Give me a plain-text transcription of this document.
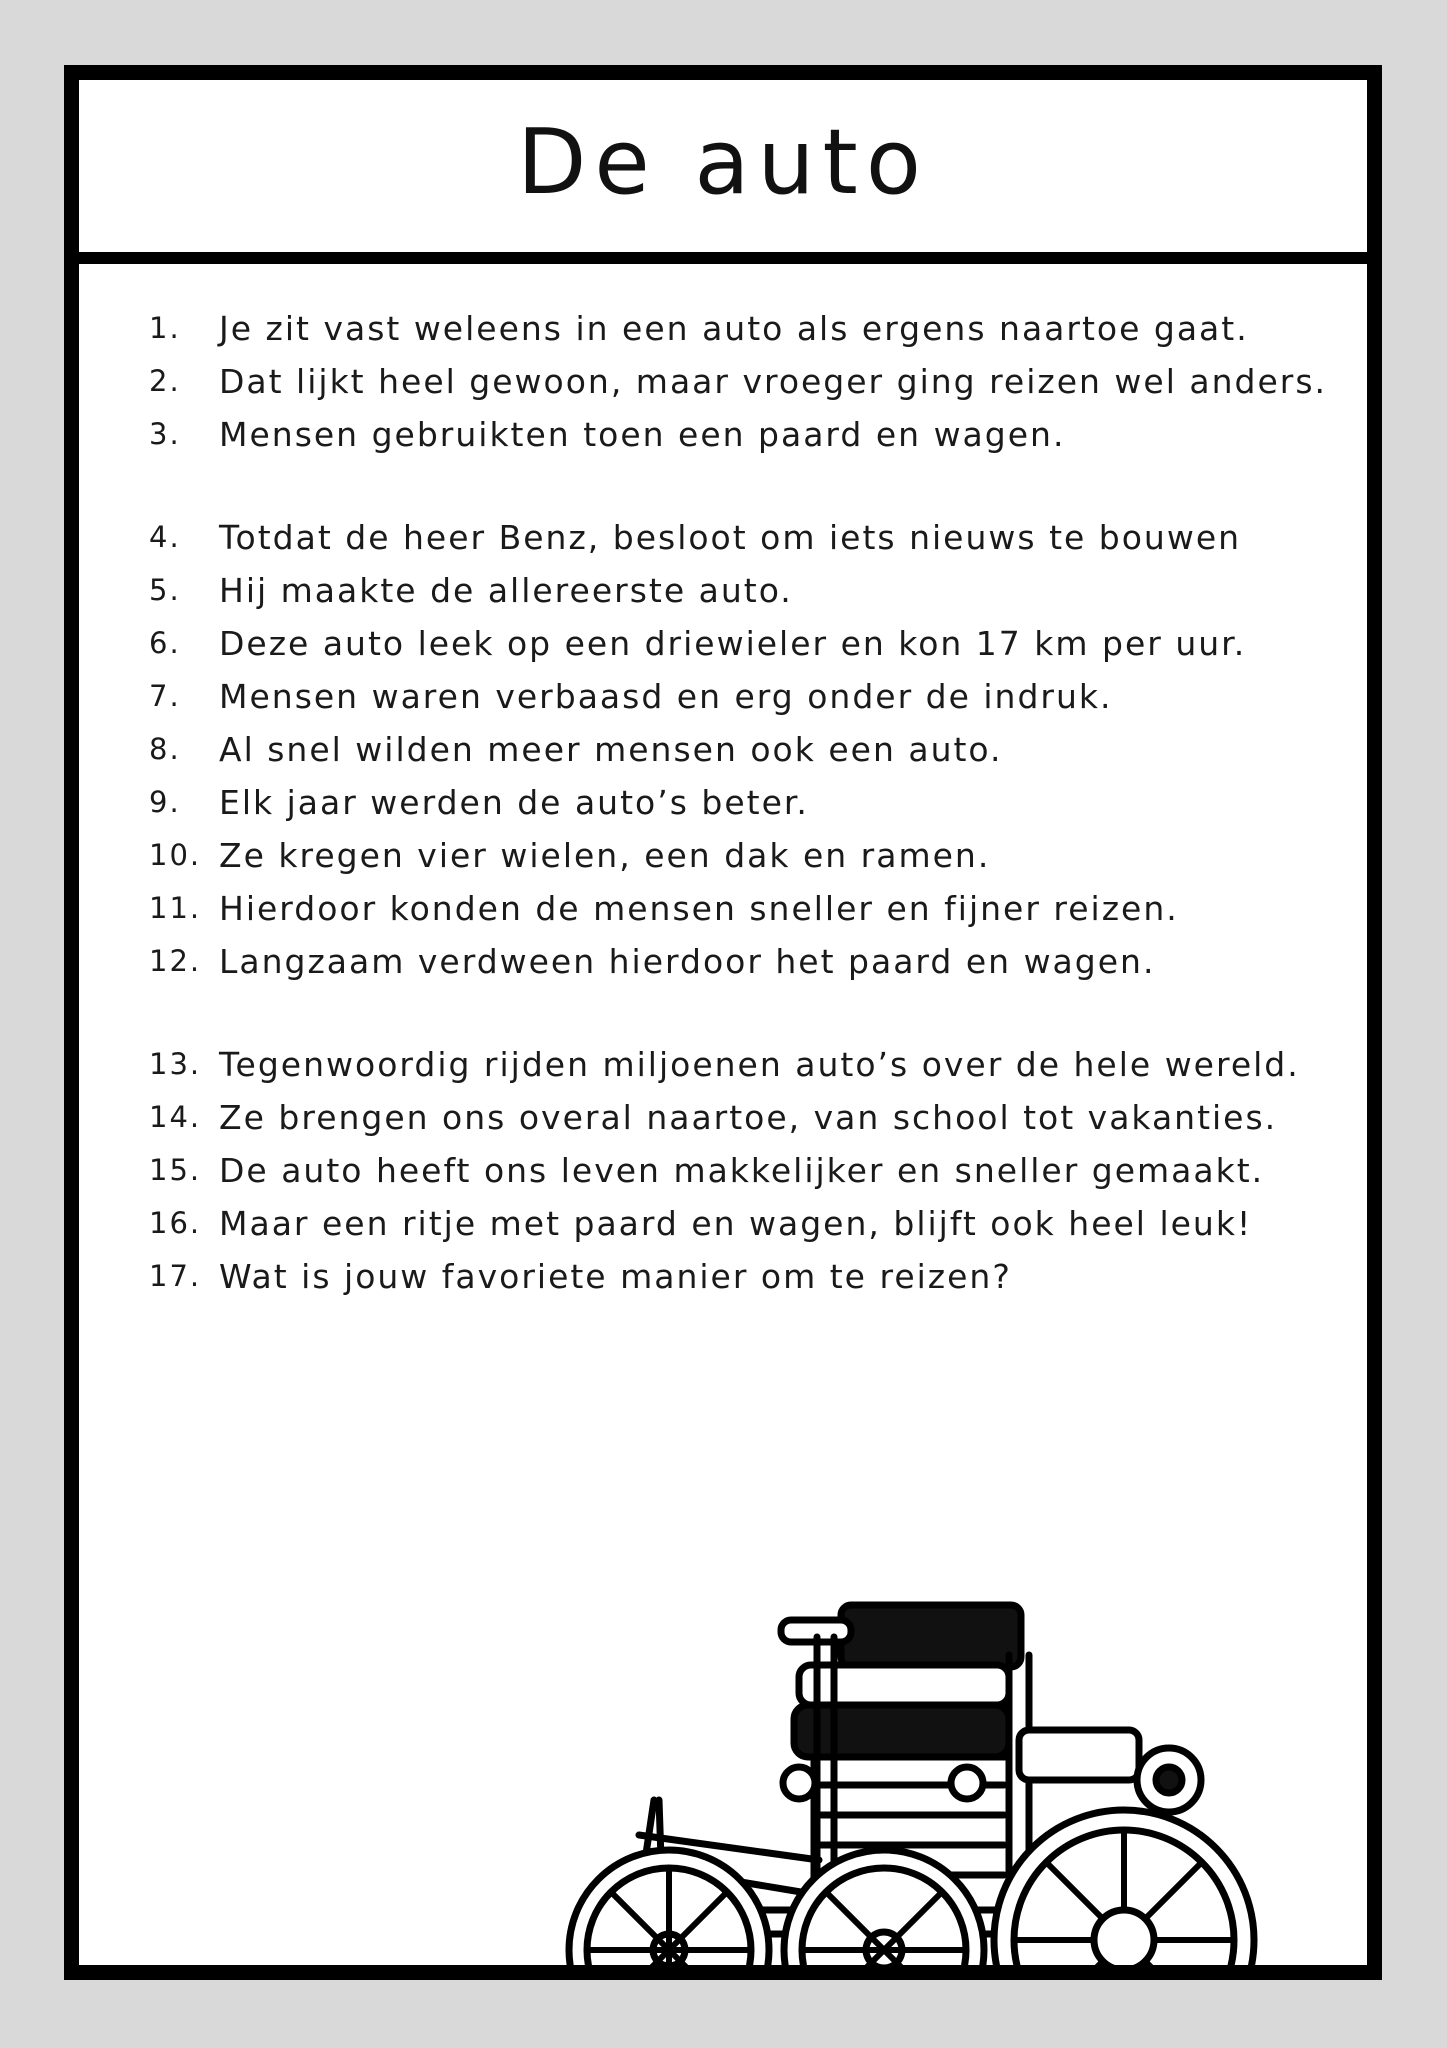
De auto
1.	Je zit vast weleens in een auto als ergens naartoe gaat.
2.	Dat lijkt heel gewoon, maar vroeger ging reizen wel anders.
3.	Mensen gebruikten toen een paard en wagen.
4.	Totdat de heer Benz, besloot om iets nieuws te bouwen
5.	Hij maakte de allereerste auto.
6.	Deze auto leek op een driewieler en kon 17 km per uur.
7.	Mensen waren verbaasd en erg onder de indruk.
8.	Al snel wilden meer mensen ook een auto.
9.	Elk jaar werden de auto’s beter.
10. Ze kregen vier wielen, een dak en ramen.
11. Hierdoor konden de mensen sneller en fijner reizen.
12. Langzaam verdween hierdoor het paard en wagen.
13. Tegenwoordig rijden miljoenen auto’s over de hele wereld.
14. Ze brengen ons overal naartoe, van school tot vakanties.
15. De auto heeft ons leven makkelijker en sneller gemaakt.
16. Maar een ritje met paard en wagen, blijft ook heel leuk!
17. Wat is jouw favoriete manier om te reizen?
